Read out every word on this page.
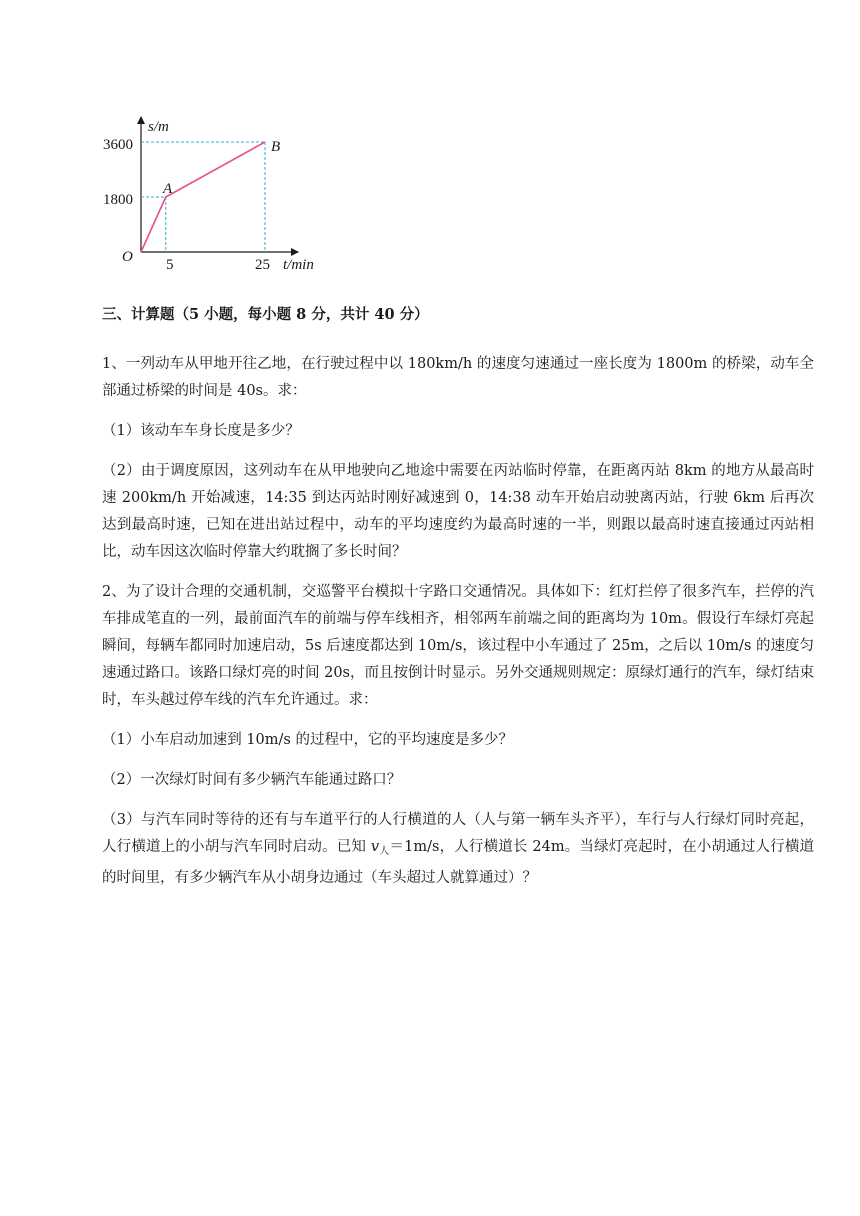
s/m
t/min
O
3600
1800
5	25
A
B
三、计算题（5 小题，每小题 8 分，共计 40 分）

1、一列动车从甲地开往乙地，在行驶过程中以 180km/h 的速度匀速通过一座长度为 1800m 的桥梁，动车全部通过桥梁的时间是 40s。求：

（1）该动车车身长度是多少？

（2）由于调度原因，这列动车在从甲地驶向乙地途中需要在丙站临时停靠，在距离丙站 8km 的地方从最高时速 200km/h 开始减速，14:35 到达丙站时刚好减速到 0，14:38 动车开始启动驶离丙站，行驶 6km 后再次达到最高时速，已知在进出站过程中，动车的平均速度约为最高时速的一半，则跟以最高时速直接通过丙站相比，动车因这次临时停靠大约耽搁了多长时间？

2、为了设计合理的交通机制，交巡警平台模拟十字路口交通情况。具体如下：红灯拦停了很多汽车，拦停的汽车排成笔直的一列，最前面汽车的前端与停车线相齐，相邻两车前端之间的距离均为 10m。假设行车绿灯亮起瞬间，每辆车都同时加速启动，5s 后速度都达到 10m/s，该过程中小车通过了 25m，之后以 10m/s 的速度匀速通过路口。该路口绿灯亮的时间 20s，而且按倒计时显示。另外交通规则规定：原绿灯通行的汽车，绿灯结束时，车头越过停车线的汽车允许通过。求：

（1）小车启动加速到 10m/s 的过程中，它的平均速度是多少？

（2）一次绿灯时间有多少辆汽车能通过路口？

（3）与汽车同时等待的还有与车道平行的人行横道的人（人与第一辆车头齐平），车行与人行绿灯同时亮起，人行横道上的小胡与汽车同时启动。已知 $v_人=1m/s$，人行横道长 24m。当绿灯亮起时，在小胡通过人行横道的时间里，有多少辆汽车从小胡身边通过（车头超过人就算通过）？
